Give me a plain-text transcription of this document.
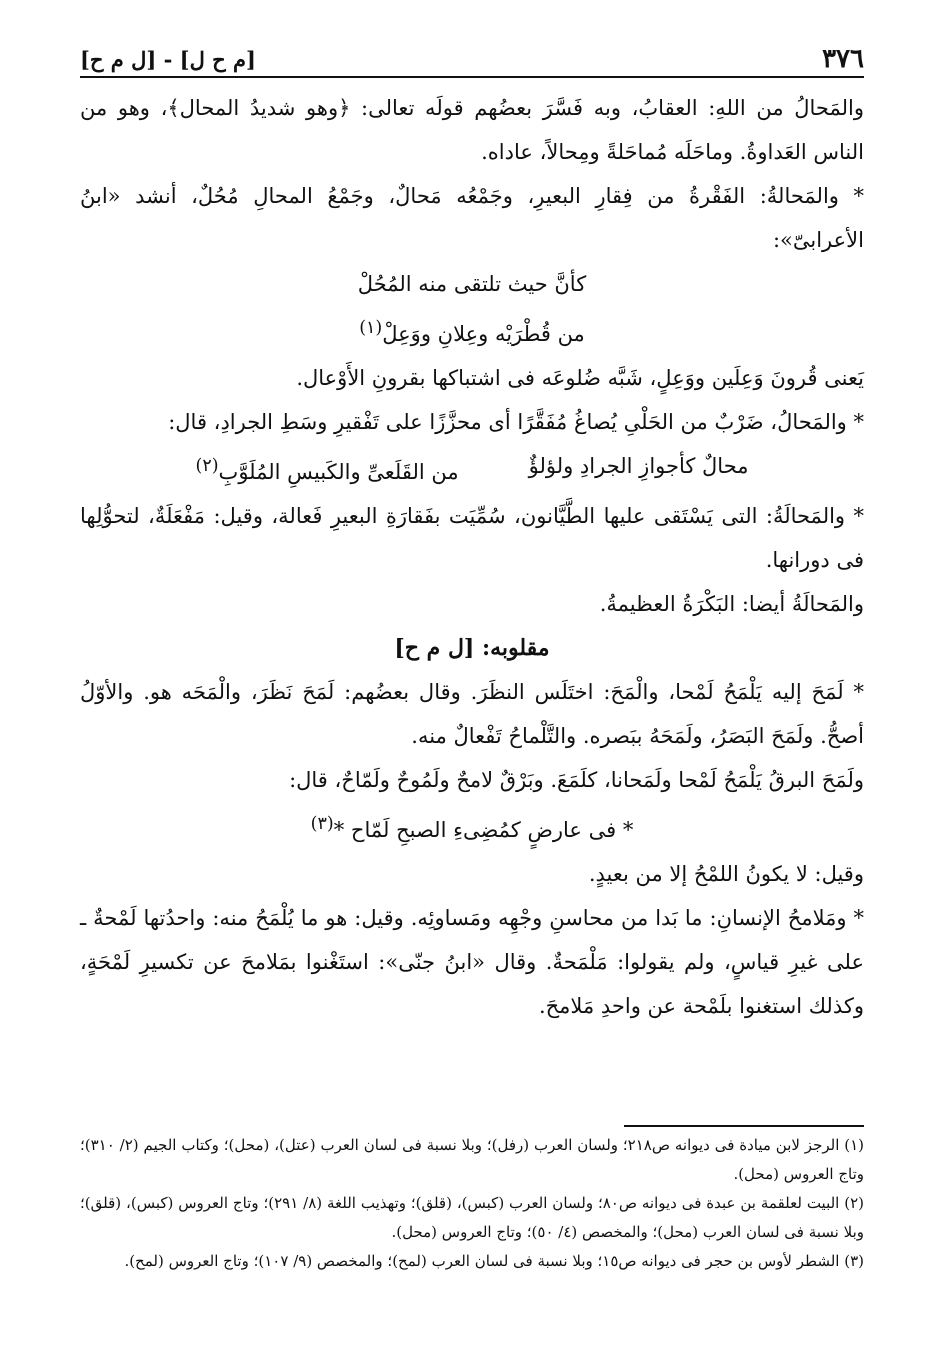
[م ح ل] - [ل م ح]	٣٧٦

والمَحالُ من اللهِ: العقابُ، وبه فَسَّرَ بعضُهم قولَه تعالى: ﴿وهو شديدُ المحال﴾، وهو من الناس العَداوةُ. وماحَلَه مُماحَلةً ومِحالاً، عاداه.

* والمَحالةُ: الفَقْرةُ من فِقارِ البعيرِ، وجَمْعُه مَحالٌ، وجَمْعُ المحالِ مُحُلٌ، أنشد «ابنُ الأعرابىّ»:

كأنَّ حيث تلتقى منه المُحُلْ

من قُطْرَيْه وعِلانِ ووَعِلْ$^{(١)}$

يَعنى قُرونَ وَعِلَين ووَعِلٍ، شَبَّه ضُلوعَه فى اشتباكها بقرونِ الأَوْعال.

* والمَحالُ، ضَرْبٌ من الحَلْىِ يُصاغُ مُفَقَّرًا أى محزَّزًا على تَفْقيرِ وسَطِ الجرادِ، قال:

محالٌ كأجوازِ الجرادِ ولؤلؤٌ
من القَلَعىِّ والكَبيسِ المُلَوَّبِ$^{(٢)}$

* والمَحالَةُ: التى يَسْتَقى عليها الطَّيَّانون، سُمِّيَت بفَقارَةِ البعيرِ فَعالة، وقيل: مَفْعَلَةٌ، لتحوُّلِها فى دورانها.

والمَحالَةُ أيضا: البَكْرَةُ العظيمةُ.

مقلوبه: [ل م ح]

* لَمَحَ إليه يَلْمَحُ لَمْحا، والْمَحَ: اختَلَس النظَرَ. وقال بعضُهم: لَمَحَ نَظَرَ، والْمَحَه هو. والأوّلُ أصحُّ. ولَمَحَ البَصَرُ، ولَمَحَهُ ببَصره. والتَّلْماحُ تَفْعالٌ منه.

ولَمَحَ البرقُ يَلْمَحُ لَمْحا ولَمَحانا، كلَمَعَ. وبَرْقٌ لامحٌ ولَمُوحٌ ولَمّاحٌ، قال:

* فى عارضٍ كمُضِىءِ الصبحِ لَمّاح *$^{(٣)}$

وقيل: لا يكونُ اللمْحُ إلا من بعيدٍ.

* ومَلامحُ الإنسانِ: ما بَدا من محاسنِ وجْهِه ومَساوئِه. وقيل: هو ما يُلْمَحُ منه: واحدُتها لَمْحةٌ ـ على غيرِ قياسٍ، ولم يقولوا: مَلْمَحةٌ. وقال «ابنُ جنّى»: استَغْنوا بمَلامحَ عن تكسيرِ لَمْحَةٍ، وكذلك استغنوا بلَمْحة عن واحدِ مَلامحَ.

(١) الرجز لابن ميادة فى ديوانه ص٢١٨؛ ولسان العرب (رفل)؛ وبلا نسبة فى لسان العرب (عتل)، (محل)؛ وكتاب الجيم (٢/ ٣١٠)؛ وتاج العروس (محل).

(٢) البيت لعلقمة بن عبدة فى ديوانه ص٨٠؛ ولسان العرب (كبس)، (قلق)؛ وتهذيب اللغة (٨/ ٢٩١)؛ وتاج العروس (كبس)، (قلق)؛ وبلا نسبة فى لسان العرب (محل)؛ والمخصص (٤/ ٥٠)؛ وتاج العروس (محل).

(٣) الشطر لأوس بن حجر فى ديوانه ص١٥؛ وبلا نسبة فى لسان العرب (لمح)؛ والمخصص (٩/ ١٠٧)؛ وتاج العروس (لمح).
